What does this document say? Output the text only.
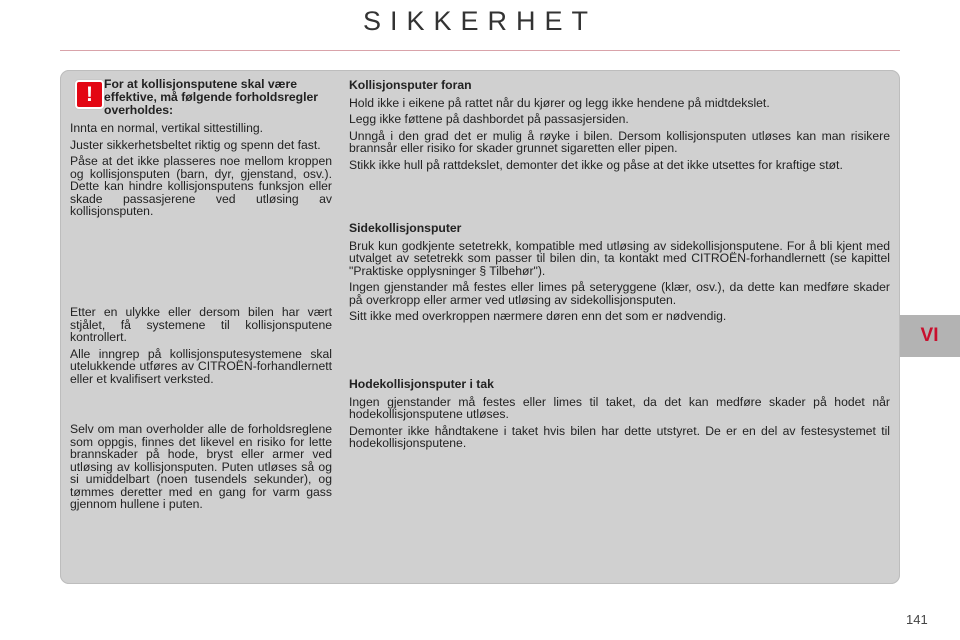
SIKKERHET
VI
! For at kollisjonsputene skal være effektive, må følgende forholdsregler overholdes:

Innta en normal, vertikal sittestilling.

Juster sikkerhetsbeltet riktig og spenn det fast.

Påse at det ikke plasseres noe mellom kroppen og kollisjonsputen (barn, dyr, gjenstand, osv.). Dette kan hindre kollisjonsputens funksjon eller skade passasjerene ved utløsing av kollisjonsputen.

Etter en ulykke eller dersom bilen har vært stjålet, få systemene til kollisjonsputene kontrollert.

Alle inngrep på kollisjonsputesystemene skal utelukkende utføres av CITROËN-forhandlernett eller et kvalifisert verksted.

Selv om man overholder alle de forholdsreglene som oppgis, finnes det likevel en risiko for lette brannskader på hode, bryst eller armer ved utløsing av kollisjonsputen. Puten utløses så og si umiddelbart (noen tusendels sekunder), og tømmes deretter med en gang for varm gass gjennom hullene i puten.

Kollisjonsputer foran

Hold ikke i eikene på rattet når du kjører og legg ikke hendene på midtdekslet.

Legg ikke føttene på dashbordet på passasjersiden.

Unngå i den grad det er mulig å røyke i bilen. Dersom kollisjonsputen utløses kan man risikere brannsår eller risiko for skader grunnet sigaretten eller pipen.

Stikk ikke hull på rattdekslet, demonter det ikke og påse at det ikke utsettes for kraftige støt.

Sidekollisjonsputer

Bruk kun godkjente setetrekk, kompatible med utløsing av sidekollisjonsputene. For å bli kjent med utvalget av setetrekk som passer til bilen din, ta kontakt med CITROËN-forhandlernett (se kapittel "Praktiske opplysninger § Tilbehør").

Ingen gjenstander må festes eller limes på seteryggene (klær, osv.), da dette kan medføre skader på overkropp eller armer ved utløsing av sidekollisjonsputen.

Sitt ikke med overkroppen nærmere døren enn det som er nødvendig.

Hodekollisjonsputer i tak

Ingen gjenstander må festes eller limes til taket, da det kan medføre skader på hodet når hodekollisjonsputene utløses.

Demonter ikke håndtakene i taket hvis bilen har dette utstyret. De er en del av festesystemet til hodekollisjonsputene.

141
